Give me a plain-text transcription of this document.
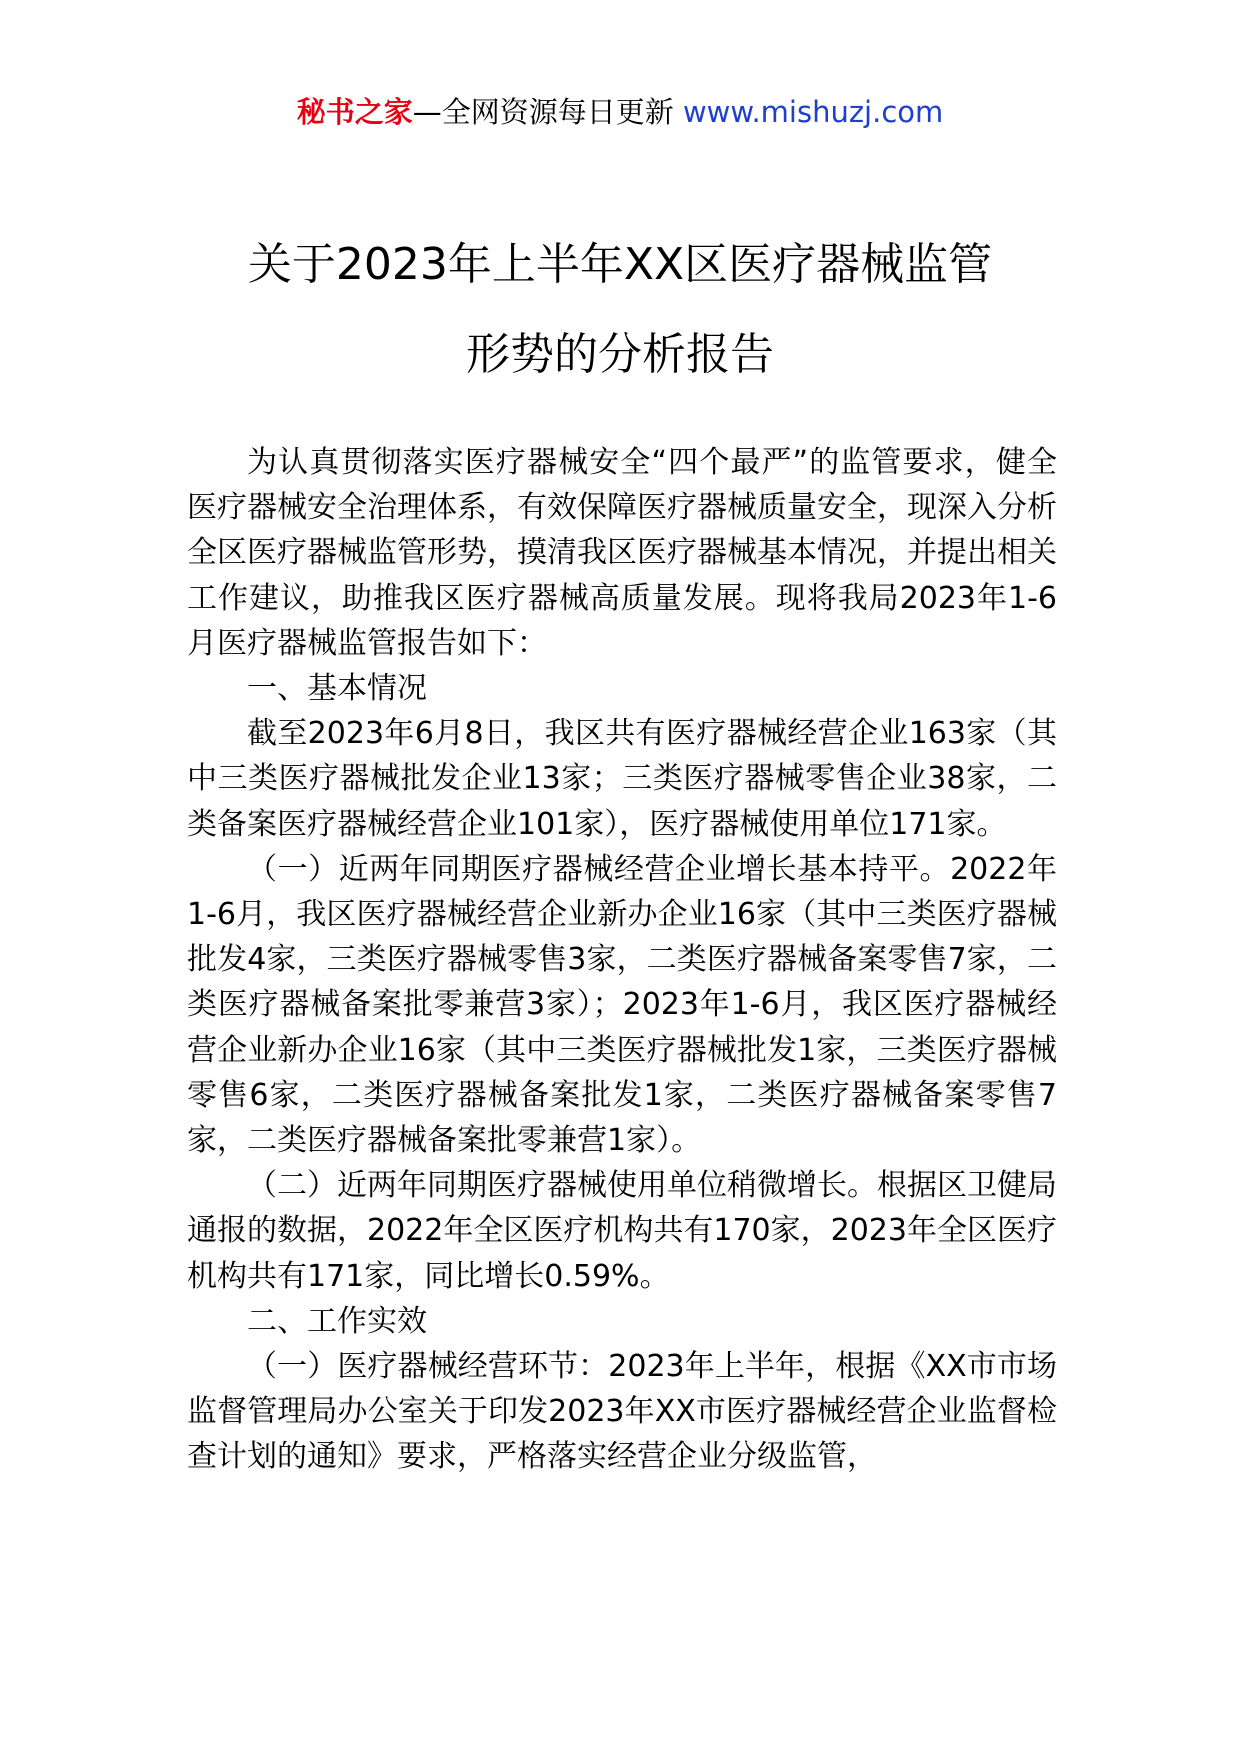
秘书之家—全网资源每日更新 www.mishuzj.com
关于2023年上半年XX区医疗器械监管
形势的分析报告

为认真贯彻落实医疗器械安全“四个最严”的监管要求，健全医疗器械安全治理体系，有效保障医疗器械质量安全，现深入分析全区医疗器械监管形势，摸清我区医疗器械基本情况，并提出相关工作建议，助推我区医疗器械高质量发展。现将我局2023年1-6月医疗器械监管报告如下：

一、基本情况

截至2023年6月8日，我区共有医疗器械经营企业163家（其中三类医疗器械批发企业13家；三类医疗器械零售企业38家，二类备案医疗器械经营企业101家），医疗器械使用单位171家。

（一）近两年同期医疗器械经营企业增长基本持平。2022年1-6月，我区医疗器械经营企业新办企业16家（其中三类医疗器械批发4家，三类医疗器械零售3家，二类医疗器械备案零售7家，二类医疗器械备案批零兼营3家）；2023年1-6月，我区医疗器械经营企业新办企业16家（其中三类医疗器械批发1家，三类医疗器械零售6家，二类医疗器械备案批发1家，二类医疗器械备案零售7家，二类医疗器械备案批零兼营1家）。

（二）近两年同期医疗器械使用单位稍微增长。根据区卫健局通报的数据，2022年全区医疗机构共有170家，2023年全区医疗机构共有171家，同比增长0.59%。

二、工作实效

（一）医疗器械经营环节：2023年上半年，根据《XX市市场监督管理局办公室关于印发2023年XX市医疗器械经营企业监督检查计划的通知》要求，严格落实经营企业分级监管，
